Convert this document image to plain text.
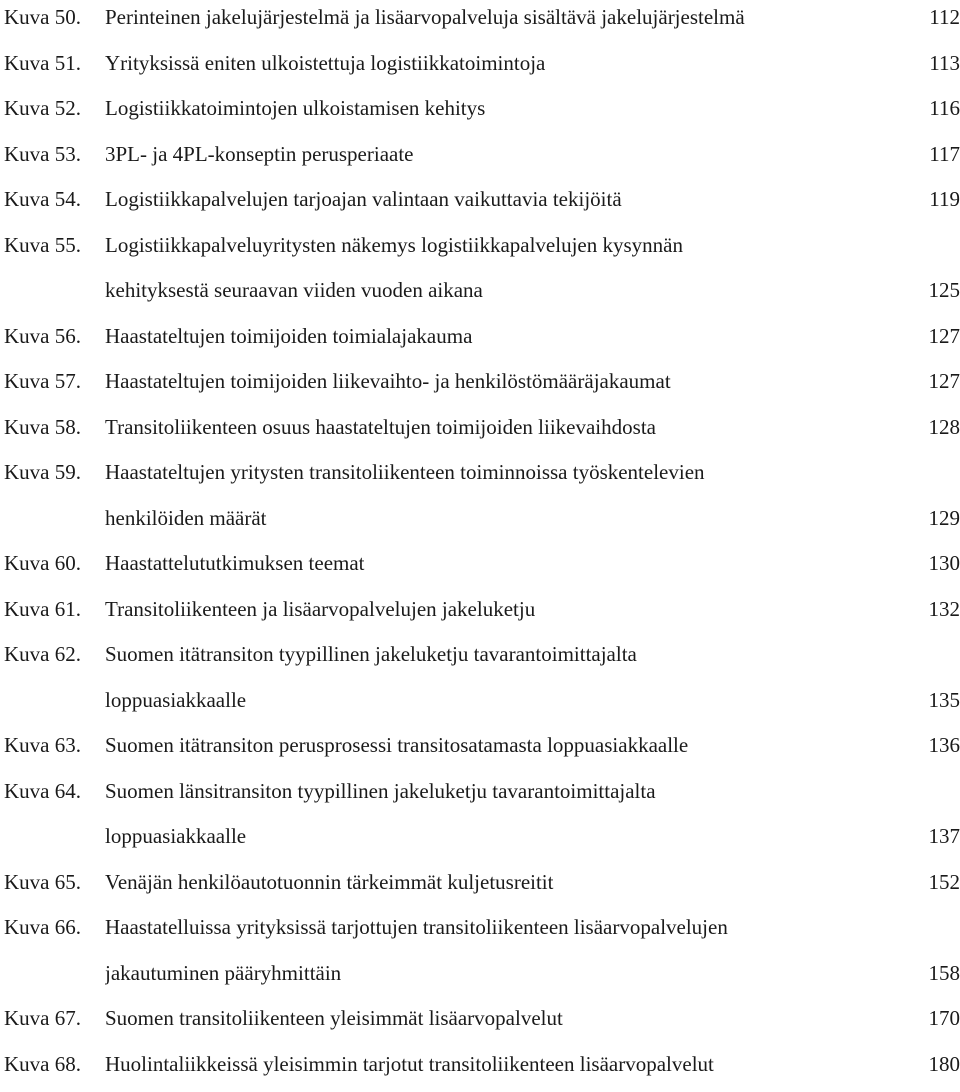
Kuva 50.	Perinteinen jakelujärjestelmä ja lisäarvopalveluja sisältävä jakelujärjestelmä	112
Kuva 51.	Yrityksissä eniten ulkoistettuja logistiikkatoimintoja	113
Kuva 52.	Logistiikkatoimintojen ulkoistamisen kehitys	116
Kuva 53.	3PL- ja 4PL-konseptin perusperiaate	117
Kuva 54.	Logistiikkapalvelujen tarjoajan valintaan vaikuttavia tekijöitä	119
Kuva 55.	Logistiikkapalveluyritysten näkemys logistiikkapalvelujen kysynnän
kehityksestä seuraavan viiden vuoden aikana	125
Kuva 56.	Haastateltujen toimijoiden toimialajakauma	127
Kuva 57.	Haastateltujen toimijoiden liikevaihto- ja henkilöstömääräjakaumat	127
Kuva 58.	Transitoliikenteen osuus haastateltujen toimijoiden liikevaihdosta	128
Kuva 59.	Haastateltujen yritysten transitoliikenteen toiminnoissa työskentelevien
henkilöiden määrät	129
Kuva 60.	Haastattelututkimuksen teemat	130
Kuva 61.	Transitoliikenteen ja lisäarvopalvelujen jakeluketju	132
Kuva 62.	Suomen itätransiton tyypillinen jakeluketju tavarantoimittajalta
loppuasiakkaalle	135
Kuva 63.	Suomen itätransiton perusprosessi transitosatamasta loppuasiakkaalle	136
Kuva 64.	Suomen länsitransiton tyypillinen jakeluketju tavarantoimittajalta
loppuasiakkaalle	137
Kuva 65.	Venäjän henkilöautotuonnin tärkeimmät kuljetusreitit	152
Kuva 66.	Haastatelluissa yrityksissä tarjottujen transitoliikenteen lisäarvopalvelujen
jakautuminen pääryhmittäin	158
Kuva 67.	Suomen transitoliikenteen yleisimmät lisäarvopalvelut	170
Kuva 68.	Huolintaliikkeissä yleisimmin tarjotut transitoliikenteen lisäarvopalvelut	180
